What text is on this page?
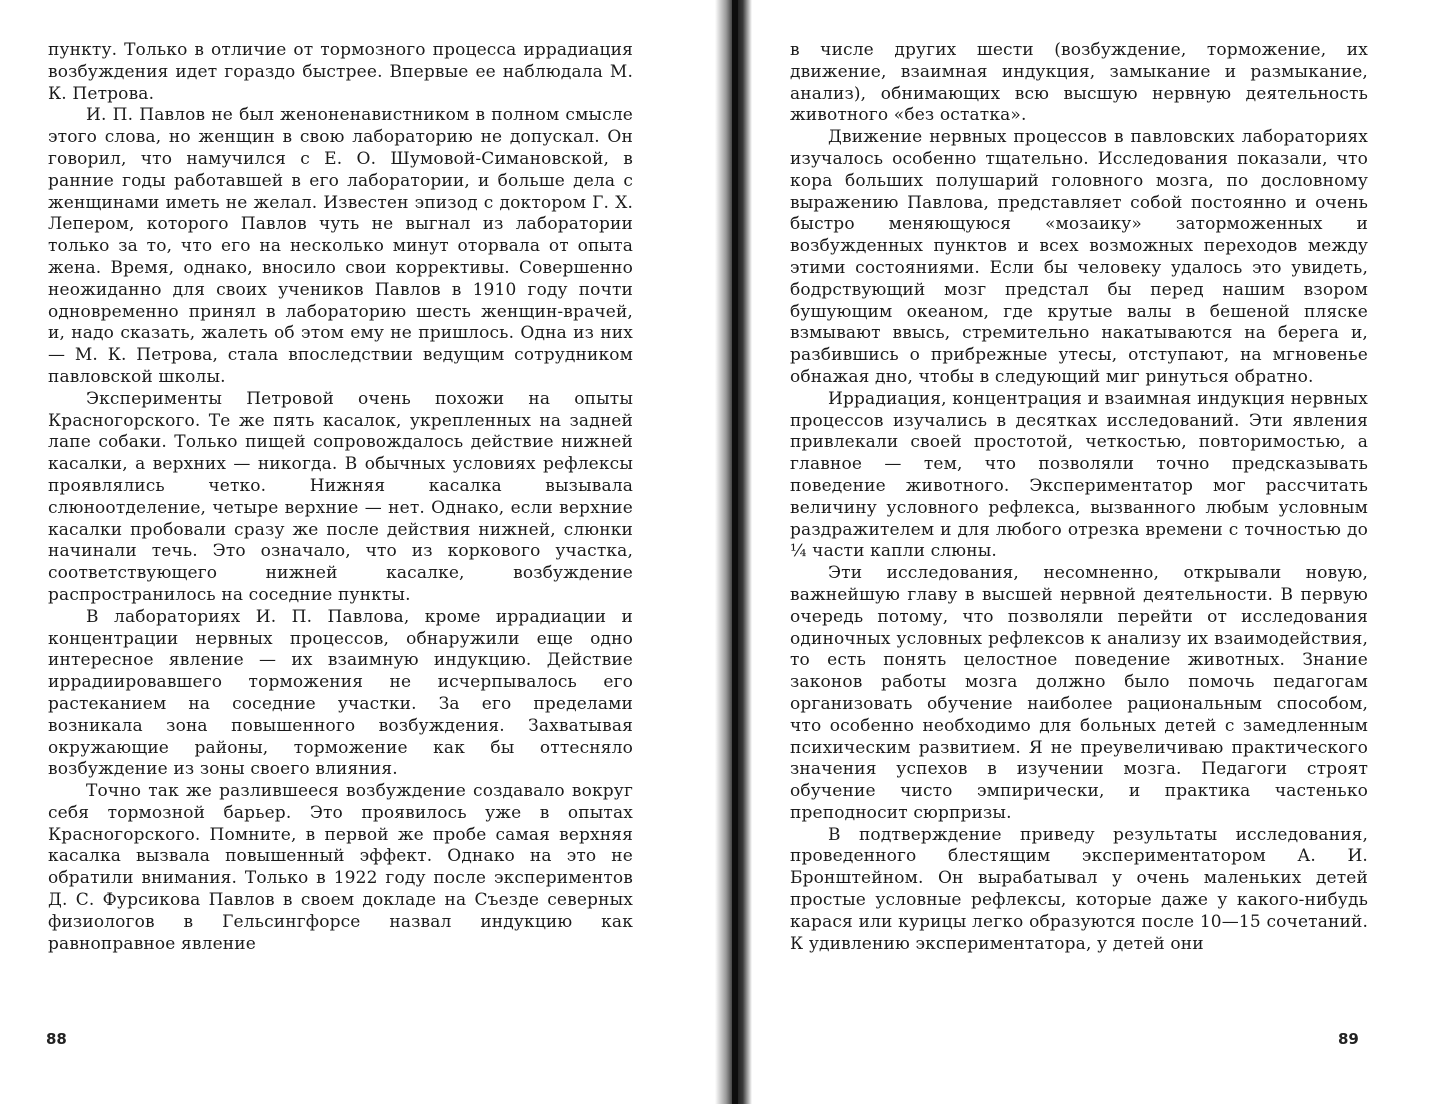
пункту. Только в отличие от тормозного процесса иррадиация возбуждения идет гораздо быстрее. Впервые ее наблюдала М. К. Петрова.

И. П. Павлов не был женоненавистником в полном смысле этого слова, но женщин в свою лабораторию не допускал. Он говорил, что намучился с Е. О. Шумовой-Симановской, в ранние годы работавшей в его лаборатории, и больше дела с женщинами иметь не желал. Известен эпизод с доктором Г. Х. Лепером, которого Павлов чуть не выгнал из лаборатории только за то, что его на несколько минут оторвала от опыта жена. Время, однако, вносило свои коррективы. Совершенно неожиданно для своих учеников Павлов в 1910 году почти одновременно принял в лабораторию шесть женщин-врачей, и, надо сказать, жалеть об этом ему не пришлось. Одна из них — М. К. Петрова, стала впоследствии ведущим сотрудником павловской школы.

Эксперименты Петровой очень похожи на опыты Красногорского. Те же пять касалок, укрепленных на задней лапе собаки. Только пищей сопровождалось действие нижней касалки, а верхних — никогда. В обычных условиях рефлексы проявлялись четко. Нижняя касалка вызывала слюноотделение, четыре верхние — нет. Однако, если верхние касалки пробовали сразу же после действия нижней, слюнки начинали течь. Это означало, что из коркового участка, соответствующего нижней касалке, возбуждение распространилось на соседние пункты.

В лабораториях И. П. Павлова, кроме иррадиации и концентрации нервных процессов, обнаружили еще одно интересное явление — их взаимную индукцию. Действие иррадиировавшего торможения не исчерпывалось его растеканием на соседние участки. За его пределами возникала зона повышенного возбуждения. Захватывая окружающие районы, торможение как бы оттесняло возбуждение из зоны своего влияния.

Точно так же разлившееся возбуждение создавало вокруг себя тормозной барьер. Это проявилось уже в опытах Красногорского. Помните, в первой же пробе самая верхняя касалка вызвала повышенный эффект. Однако на это не обратили внимания. Только в 1922 году после экспериментов Д. С. Фурсикова Павлов в своем докладе на Съезде северных физиологов в Гельсингфорсе назвал индукцию как равноправное явление

88

в числе других шести (возбуждение, торможение, их движение, взаимная индукция, замыкание и размыкание, анализ), обнимающих всю высшую нервную деятельность животного «без остатка».

Движение нервных процессов в павловских лабораториях изучалось особенно тщательно. Исследования показали, что кора больших полушарий головного мозга, по дословному выражению Павлова, представляет собой постоянно и очень быстро меняющуюся «мозаику» заторможенных и возбужденных пунктов и всех возможных переходов между этими состояниями. Если бы человеку удалось это увидеть, бодрствующий мозг предстал бы перед нашим взором бушующим океаном, где крутые валы в бешеной пляске взмывают ввысь, стремительно накатываются на берега и, разбившись о прибрежные утесы, отступают, на мгновенье обнажая дно, чтобы в следующий миг ринуться обратно.

Иррадиация, концентрация и взаимная индукция нервных процессов изучались в десятках исследований. Эти явления привлекали своей простотой, четкостью, повторимостью, а главное — тем, что позволяли точно предсказывать поведение животного. Экспериментатор мог рассчитать величину условного рефлекса, вызванного любым условным раздражителем и для любого отрезка времени с точностью до ¼ части капли слюны.

Эти исследования, несомненно, открывали новую, важнейшую главу в высшей нервной деятельности. В первую очередь потому, что позволяли перейти от исследования одиночных условных рефлексов к анализу их взаимодействия, то есть понять целостное поведение животных. Знание законов работы мозга должно было помочь педагогам организовать обучение наиболее рациональным способом, что особенно необходимо для больных детей с замедленным психическим развитием. Я не преувеличиваю практического значения успехов в изучении мозга. Педагоги строят обучение чисто эмпирически, и практика частенько преподносит сюрпризы.

В подтверждение приведу результаты исследования, проведенного блестящим экспериментатором А. И. Бронштейном. Он вырабатывал у очень маленьких детей простые условные рефлексы, которые даже у какого-нибудь карася или курицы легко образуются после 10—15 сочетаний. К удивлению экспериментатора, у детей они

89
